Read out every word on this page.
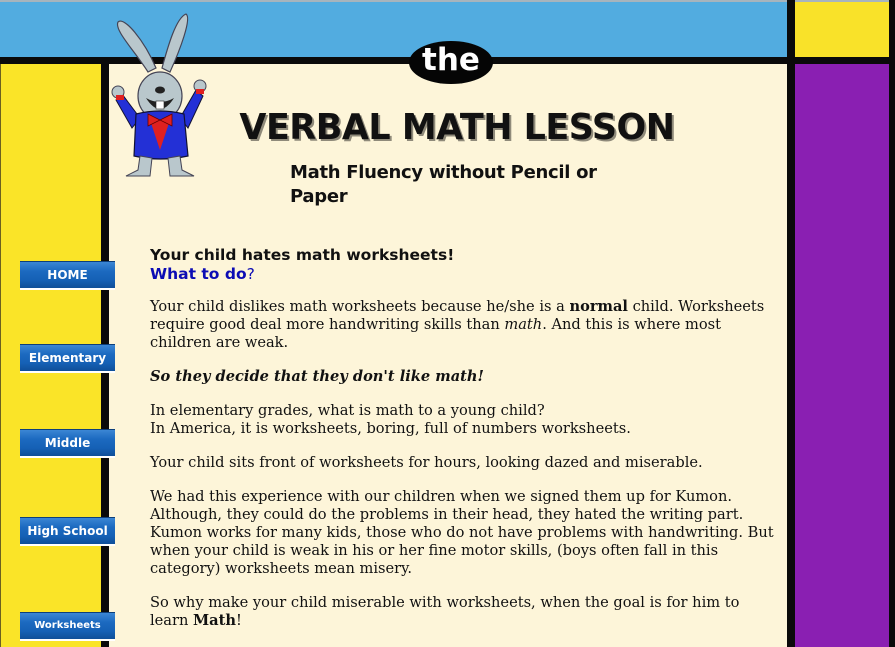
the
VERBAL MATH LESSON
Math Fluency without Pencil or Paper
HOME
Elementary
Middle
High School
Worksheets
Your child hates math worksheets!
What to do?

Your child dislikes math worksheets because he/she is a normal child. Worksheets require good deal more handwriting skills than math. And this is where most children are weak.

So they decide that they don't like math!

In elementary grades, what is math to a young child?
In America, it is worksheets, boring, full of numbers worksheets.

Your child sits front of worksheets for hours, looking dazed and miserable.

We had this experience with our children when we signed them up for Kumon. Although, they could do the problems in their head, they hated the writing part. Kumon works for many kids, those who do not have problems with handwriting. But when your child is weak in his or her fine motor skills, (boys often fall in this category) worksheets mean misery.

So why make your child miserable with worksheets, when the goal is for him to learn Math!
